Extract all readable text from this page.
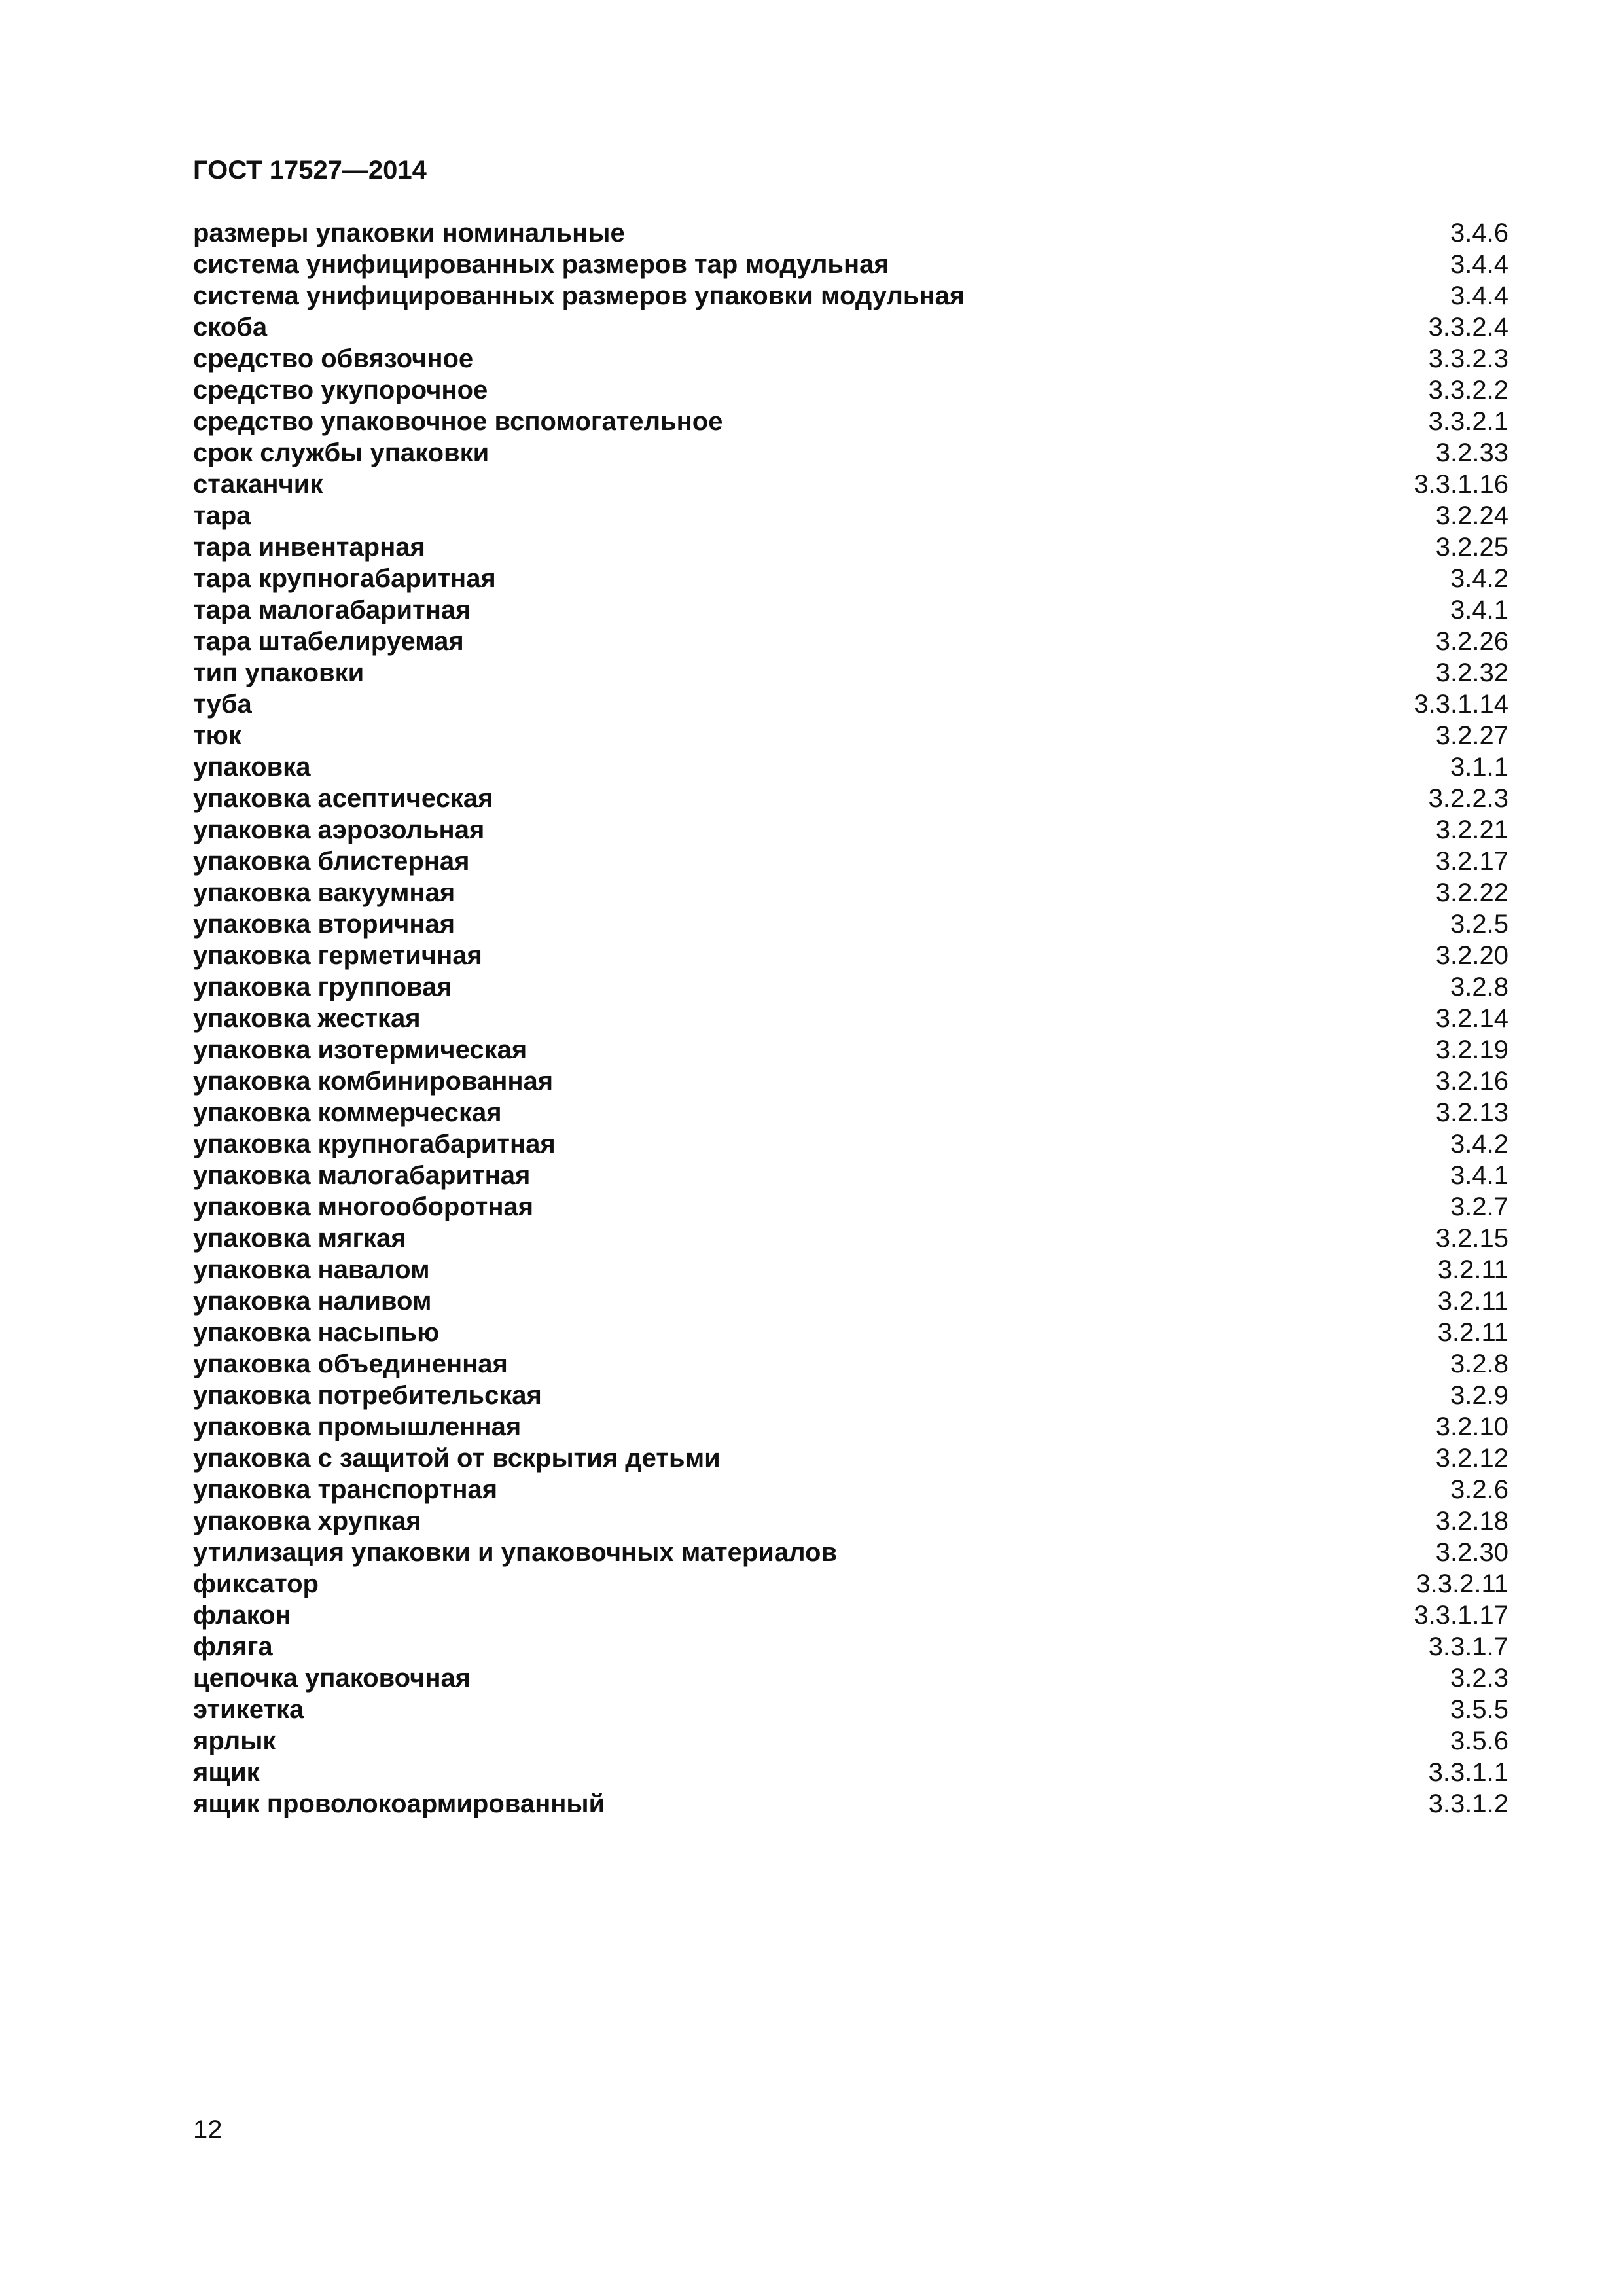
ГОСТ 17527—2014
размеры упаковки номинальные	3.4.6
система унифицированных размеров тар модульная	3.4.4
система унифицированных размеров упаковки модульная	3.4.4
скоба	3.3.2.4
средство обвязочное	3.3.2.3
средство укупорочное	3.3.2.2
средство упаковочное вспомогательное	3.3.2.1
срок службы упаковки	3.2.33
стаканчик	3.3.1.16
тара	3.2.24
тара инвентарная	3.2.25
тара крупногабаритная	3.4.2
тара малогабаритная	3.4.1
тара штабелируемая	3.2.26
тип упаковки	3.2.32
туба	3.3.1.14
тюк	3.2.27
упаковка	3.1.1
упаковка асептическая	3.2.2.3
упаковка аэрозольная	3.2.21
упаковка блистерная	3.2.17
упаковка вакуумная	3.2.22
упаковка вторичная	3.2.5
упаковка герметичная	3.2.20
упаковка групповая	3.2.8
упаковка жесткая	3.2.14
упаковка изотермическая	3.2.19
упаковка комбинированная	3.2.16
упаковка коммерческая	3.2.13
упаковка крупногабаритная	3.4.2
упаковка малогабаритная	3.4.1
упаковка многооборотная	3.2.7
упаковка мягкая	3.2.15
упаковка навалом	3.2.11
упаковка наливом	3.2.11
упаковка насыпью	3.2.11
упаковка объединенная	3.2.8
упаковка потребительская	3.2.9
упаковка промышленная	3.2.10
упаковка с защитой от вскрытия детьми	3.2.12
упаковка транспортная	3.2.6
упаковка хрупкая	3.2.18
утилизация упаковки и упаковочных материалов	3.2.30
фиксатор	3.3.2.11
флакон	3.3.1.17
фляга	3.3.1.7
цепочка упаковочная	3.2.3
этикетка	3.5.5
ярлык	3.5.6
ящик	3.3.1.1
ящик проволокоармированный	3.3.1.2
12
